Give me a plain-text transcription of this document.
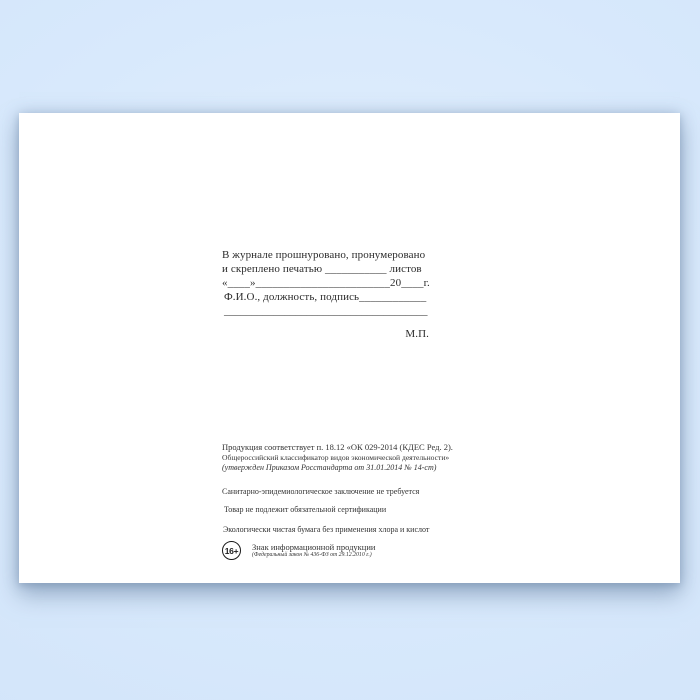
В журнале прошнуровано, пронумеровано
и скреплено печатью ___________ листов
«____»________________________20____г.
Ф.И.О., должность, подпись____________
_____________________________________
М.П.

Продукция соответствует п. 18.12 «ОК 029-2014 (КДЕС Ред. 2).

Общероссийский классификатор видов экономической деятельности»

(утвержден Приказом Росстандарта от 31.01.2014 № 14-ст)

Санитарно-эпидемиологическое заключение не требуется

Товар не подлежит обязательной сертификации

Экологически чистая бумага без применения хлора и кислот

16+	Знак информационной продукции
(Федеральный закон № 436-ФЗ от 29.12.2010 г.)
